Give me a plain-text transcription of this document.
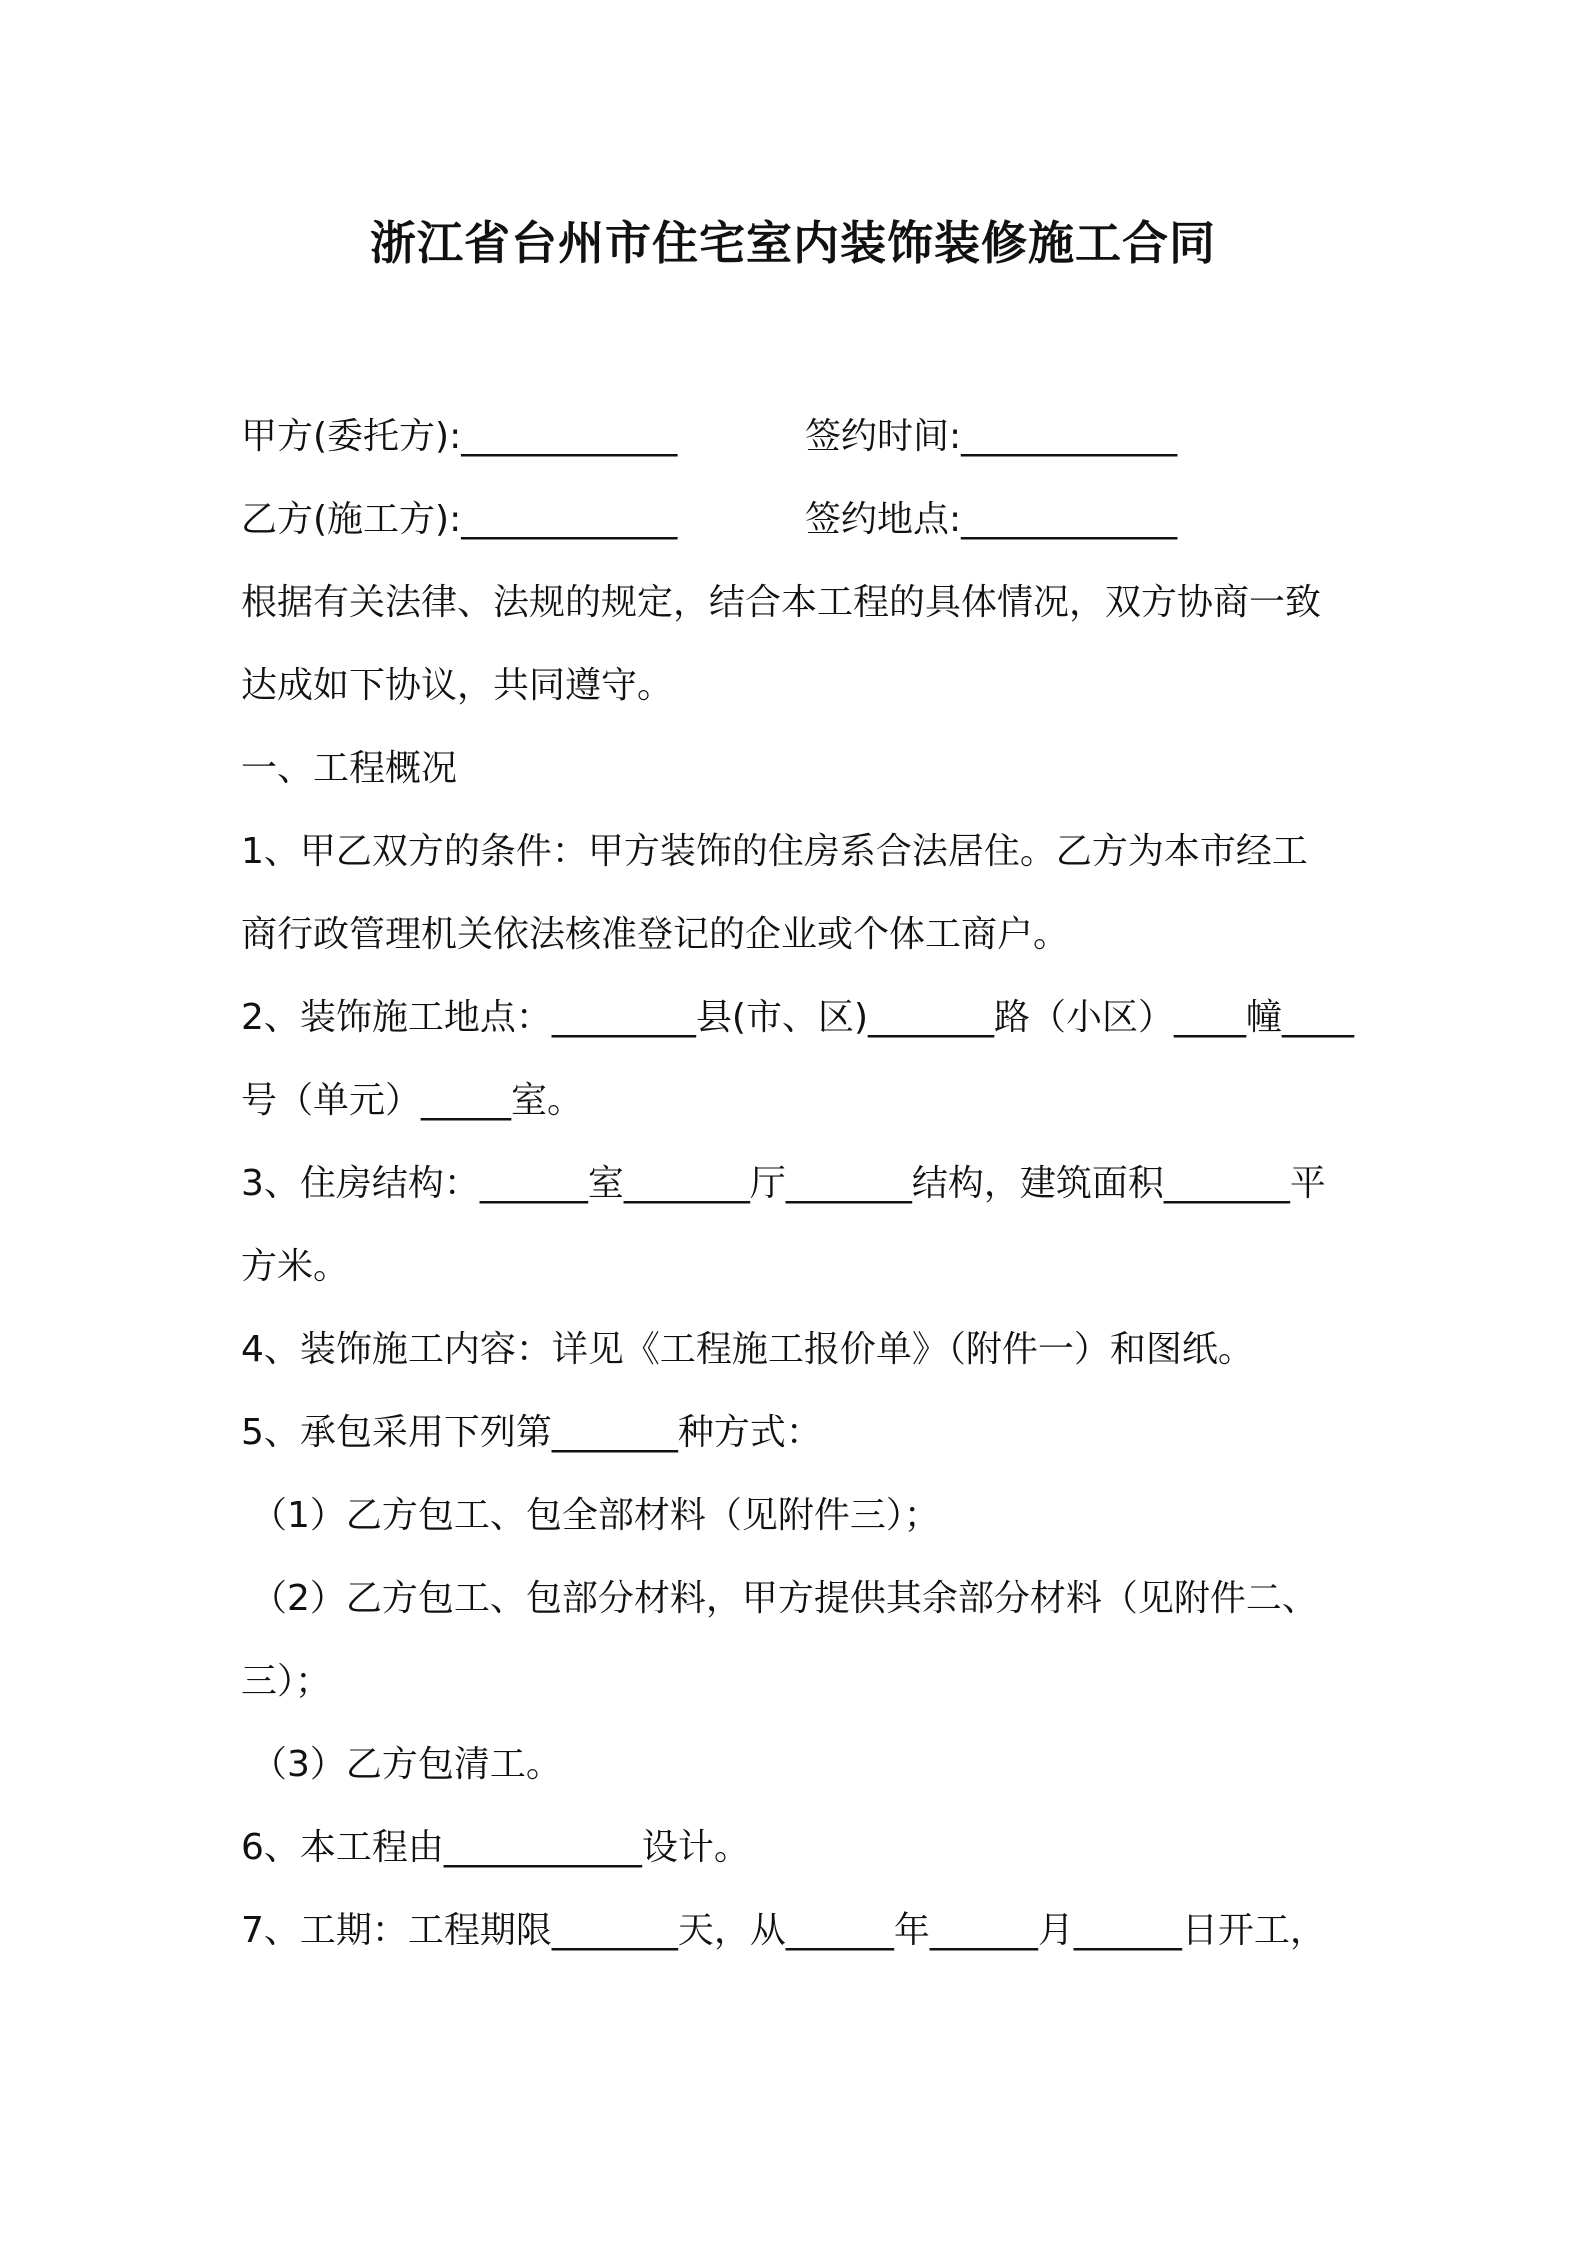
浙江省台州市住宅室内装饰装修施工合同
甲方(委托方):____________	签约时间:____________
乙方(施工方):____________	签约地点:____________
根据有关法律、法规的规定，结合本工程的具体情况，双方协商一致
达成如下协议，共同遵守。
一、工程概况
1、甲乙双方的条件：甲方装饰的住房系合法居住。乙方为本市经工
商行政管理机关依法核准登记的企业或个体工商户。
2、装饰施工地点：________县(市、区)_______路（小区）____幢____
号（单元）_____室。
3、住房结构：______室_______厅_______结构，建筑面积_______平
方米。
4、装饰施工内容：详见《工程施工报价单》（附件一）和图纸。
5、承包采用下列第_______种方式：
（1）乙方包工、包全部材料（见附件三）；
（2）乙方包工、包部分材料，甲方提供其余部分材料（见附件二、
三）；
（3）乙方包清工。
6、本工程由___________设计。
7、工期：工程期限_______天，从______年______月______日开工，
